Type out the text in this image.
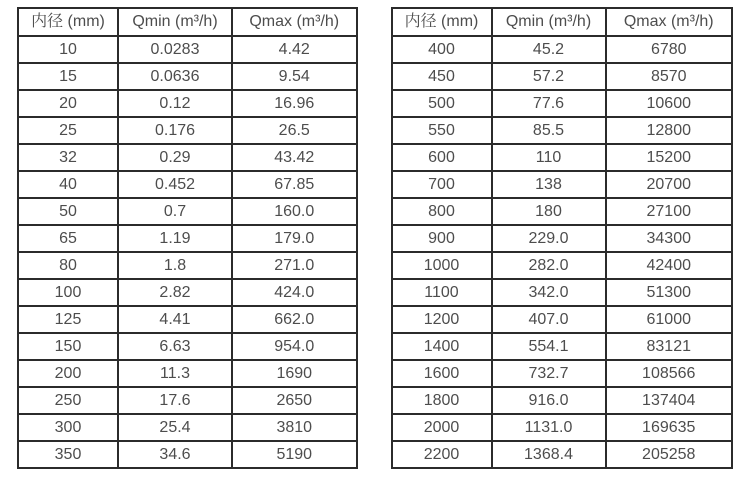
内径 (mm)	Qmin (m³/h)	Qmax (m³/h)
10	0.0283	4.42
15	0.0636	9.54
20	0.12	16.96
25	0.176	26.5
32	0.29	43.42
40	0.452	67.85
50	0.7	160.0
65	1.19	179.0
80	1.8	271.0
100	2.82	424.0
125	4.41	662.0
150	6.63	954.0
200	11.3	1690
250	17.6	2650
300	25.4	3810
350	34.6	5190
内径 (mm)	Qmin (m³/h)	Qmax (m³/h)
400	45.2	6780
450	57.2	8570
500	77.6	10600
550	85.5	12800
600	110	15200
700	138	20700
800	180	27100
900	229.0	34300
1000	282.0	42400
1100	342.0	51300
1200	407.0	61000
1400	554.1	83121
1600	732.7	108566
1800	916.0	137404
2000	1131.0	169635
2200	1368.4	205258
